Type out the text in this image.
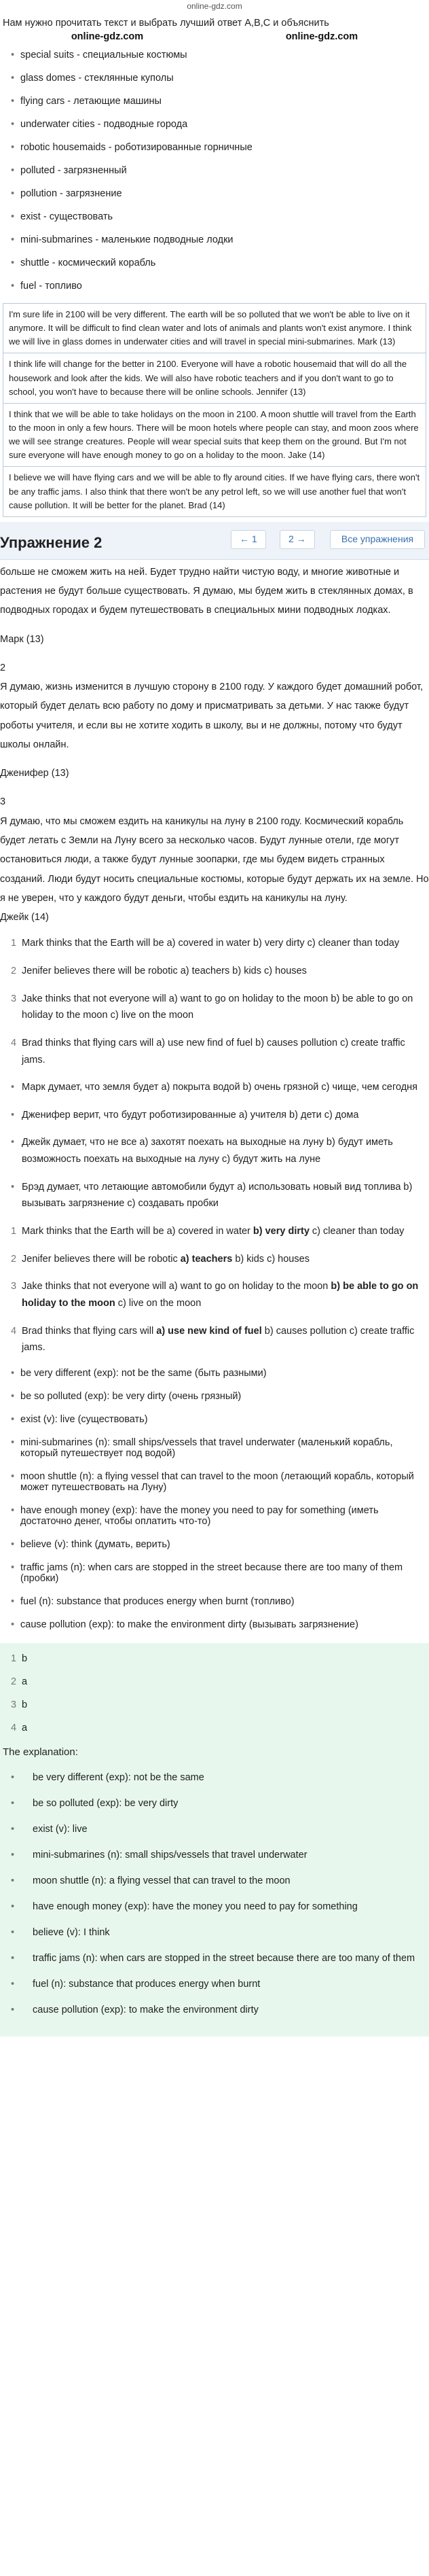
online-gdz.com
Нам нужно прочитать текст и выбрать лучший ответ A,B,C и объяснить
online-gdz.com	online-gdz.com
• special suits - специальные костюмы
• glass domes - стеклянные куполы
• flying cars - летающие машины
• underwater cities - подводные города
• robotic housemaids - роботизированные горничные
• polluted - загрязненный
• pollution - загрязнение
• exist - существовать
• mini-submarines - маленькие подводные лодки
• shuttle - космический корабль
• fuel - топливо
I'm sure life in 2100 will be very different. The earth will be so polluted that we won't be able to live on it anymore. It will be difficult to find clean water and lots of animals and plants won't exist anymore. I think we will live in glass domes in underwater cities and will travel in special mini-submarines. Mark (13)
I think life will change for the better in 2100. Everyone will have a robotic housemaid that will do all the housework and look after the kids. We will also have robotic teachers and if you don't want to go to school, you won't have to because there will be online schools. Jennifer (13)
I think that we will be able to take holidays on the moon in 2100. A moon shuttle will travel from the Earth to the moon in only a few hours. There will be moon hotels where people can stay, and moon zoos where we will see strange creatures. People will wear special suits that keep them on the ground. But I'm not sure everyone will have enough money to go on a holiday to the moon. Jake (14)
I believe we will have flying cars and we will be able to fly around cities. If we have flying cars, there won't be any traffic jams. I also think that there won't be any petrol left, so we will use another fuel that won't cause pollution. It will be better for the planet. Brad (14)
Упражнение 2	← 1	2 →	Все упражнения

больше не сможем жить на ней. Будет трудно найти чистую воду, и многие животные и растения не будут больше существовать. Я думаю, мы будем жить в стеклянных домах, в подводных городах и будем путешествовать в специальных мини подводных лодках.

Марк (13)

2

Я думаю, жизнь изменится в лучшую сторону в 2100 году. У каждого будет домашний робот, который будет делать всю работу по дому и присматривать за детьми. У нас также будут роботы учителя, и если вы не хотите ходить в школу, вы и не должны, потому что будут школы онлайн.

Дженифер (13)

3

Я думаю, что мы сможем ездить на каникулы на луну в 2100 году. Космический корабль будет летать с Земли на Луну всего за несколько часов. Будут лунные отели, где могут остановиться люди, а также будут лунные зоопарки, где мы будем видеть странных созданий. Люди будут носить специальные костюмы, которые будут держать их на земле. Но я не уверен, что у каждого будут деньги, чтобы ездить на каникулы на луну.

Джейк (14)

1 Mark thinks that the Earth will be a) covered in water b) very dirty c) cleaner than today
2 Jenifer believes there will be robotic a) teachers b) kids c) houses
3 Jake thinks that not everyone will a) want to go on holiday to the moon b) be able to go on holiday to the moon c) live on the moon
4 Brad thinks that flying cars will a) use new find of fuel b) causes pollution c) create traffic jams.
• Марк думает, что земля будет а) покрыта водой b) очень грязной с) чище, чем сегодня
• Дженифер верит, что будут роботизированные а) учителя b) дети с) дома
• Джейк думает, что не все а) захотят поехать на выходные на луну b) будут иметь возможность поехать на выходные на луну с) будут жить на луне
• Брэд думает, что летающие автомобили будут а) использовать новый вид топлива b) вызывать загрязнение с) создавать пробки
1 Mark thinks that the Earth will be a) covered in water b) very dirty c) cleaner than today
2 Jenifer believes there will be robotic a) teachers b) kids c) houses
3 Jake thinks that not everyone will a) want to go on holiday to the moon b) be able to go on holiday to the moon c) live on the moon
4 Brad thinks that flying cars will a) use new kind of fuel b) causes pollution c) create traffic jams.
• be very different (exp): not be the same (быть разными)
• be so polluted (exp): be very dirty (очень грязный)
• exist (v): live (существовать)
• mini-submarines (n): small ships/vessels that travel underwater (маленький корабль, который путешествует под водой)
• moon shuttle (n): a flying vessel that can travel to the moon (летающий корабль, который может путешествовать на Луну)
• have enough money (exp): have the money you need to pay for something (иметь достаточно денег, чтобы оплатить что-то)
• believe (v): think (думать, верить)
• traffic jams (n): when cars are stopped in the street because there are too many of them (пробки)
• fuel (n): substance that produces energy when burnt (топливо)
• cause pollution (exp): to make the environment dirty (вызывать загрязнение)
1 b
2 a
3 b
4 a
The explanation:
• be very different (exp): not be the same
• be so polluted (exp): be very dirty
• exist (v): live
• mini-submarines (n): small ships/vessels that travel underwater
• moon shuttle (n): a flying vessel that can travel to the moon
• have enough money (exp): have the money you need to pay for something
• believe (v): I think
• traffic jams (n): when cars are stopped in the street because there are too many of them
• fuel (n): substance that produces energy when burnt
• cause pollution (exp): to make the environment dirty
